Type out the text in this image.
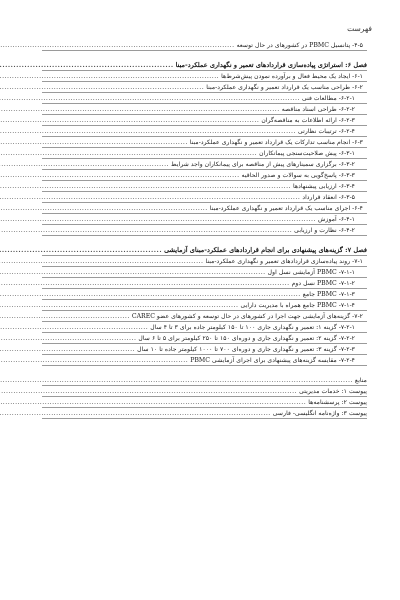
فهرست
۴-۵- پتانسیل PBMC در کشورهای در حال توسعه
.....
فصل ۶: استراتژی پیاده‌سازی قراردادهای تعمیر و نگهداری عملکرد-مبنا
.....
۶-۱- ایجاد یک محیط فعال و برآورده نمودن پیش‌شرط‌ها
.....
۶-۲- طراحی مناسب یک قرارداد تعمیر و نگهداری عملکرد-مبنا
.....
۶-۲-۱- مطالعات فنی
.....
۶-۲-۲- طراحی اسناد مناقصه
.....
۶-۲-۳- ارائه اطلاعات به مناقصه‌گران
.....
۶-۲-۴- ترتیبات نظارتی
.....
۶-۳- انجام مناسب تدارکات یک قرارداد تعمیر و نگهداری عملکرد-مبنا
.....
۶-۳-۱- پیش صلاحیت‌سنجی پیمانکاران
.....
۶-۳-۲- برگزاری سمینارهای پیش از مناقصه برای پیمانکاران واجد شرایط
.....
۶-۳-۳- پاسخ‌گویی به سوالات و صدور الحاقیه
.....
۶-۳-۴- ارزیابی پیشنهادها
.....
۶-۳-۵- انعقاد قرارداد
.....
۶-۴- اجرای مناسب یک قرارداد تعمیر و نگهداری عملکرد-مبنا
.....
۶-۴-۱- آموزش
.....
۶-۴-۲- نظارت و ارزیابی
.....
فصل ۷: گزینه‌های پیشنهادی برای انجام قراردادهای عملکرد-مبنای آزمایشی
.....
۷-۱- روند پیاده‌سازی قراردادهای تعمیر و نگهداری عملکرد-مبنا
.....
۷-۱-۱- PBMC آزمایشی نسل اول
.....
۷-۱-۲- PBMC نسل دوم
.....
۷-۱-۳- PBMC جامع
.....
۷-۱-۴- PBMC جامع همراه با مدیریت دارایی
.....
۷-۲- گزینه‌های آزمایشی جهت اجرا در کشورهای در حال توسعه و کشورهای عضو CAREC
.....
۷-۲-۱- گزینه ۱: تعمیر و نگهداری جاری ۱۰۰ تا ۱۵۰ کیلومتر جاده برای ۳ تا ۴ سال
.....
۷-۲-۲- گزینه ۲: تعمیر و نگهداری جاری و دوره‌ای ۱۵۰ تا ۲۵۰ کیلومتر برای ۵ تا ۶ سال
.....
۷-۲-۳- گزینه ۳: تعمیر و نگهداری جاری و دوره‌ای ۷۰۰ تا ۱۰۰۰ کیلومتر جاده تا ۱۰ سال
.....
۷-۲-۴- مقایسه گزینه‌های پیشنهادی برای اجرای آزمایشی PBMC
.....
منابع
.....
پیوست ۱: خدمات مدیریتی
.....
پیوست ۲: پرسشنامه‌ها
.....
پیوست ۳: واژه‌نامه انگلیسی- فارسی
.....
